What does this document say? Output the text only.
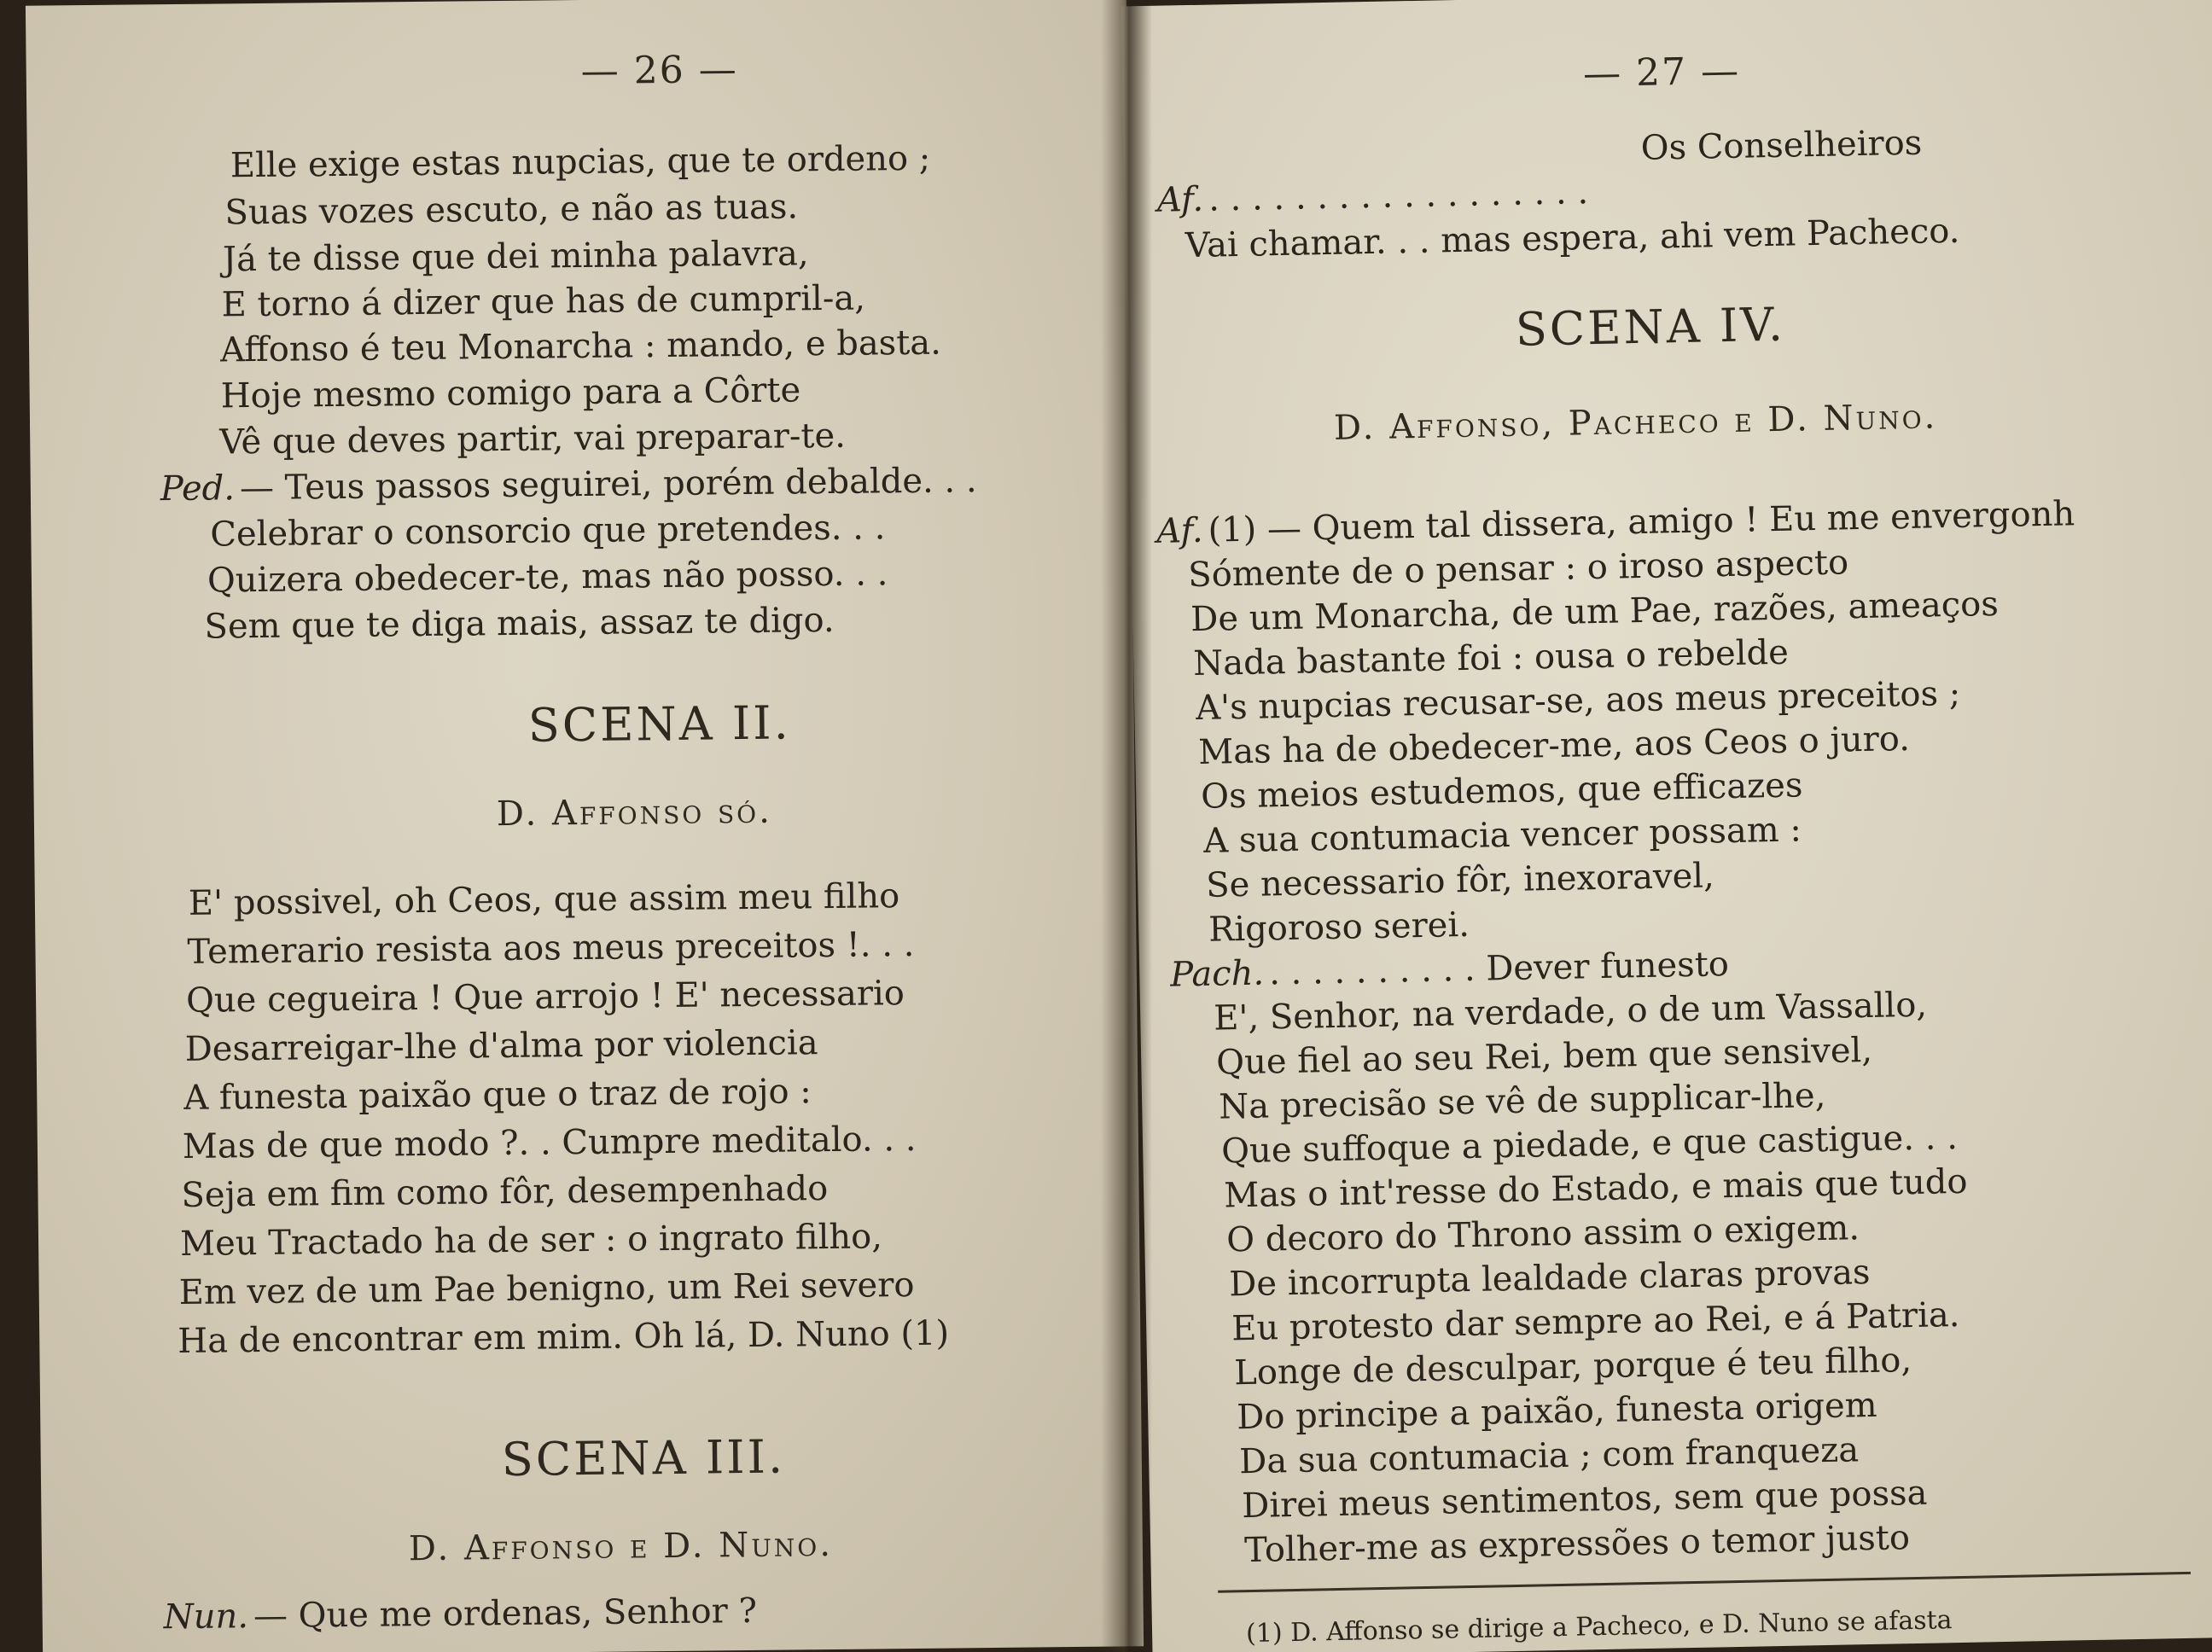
— 26 —
Elle exige estas nupcias, que te ordeno ;
Suas vozes escuto, e não as tuas.
Já te disse que dei minha palavra,
E torno á dizer que has de cumpril-a,
Affonso é teu Monarcha : mando, e basta.
Hoje mesmo comigo para a Côrte
Vê que deves partir, vai preparar-te.
Ped. — Teus passos seguirei, porém debalde. . .
Celebrar o consorcio que pretendes. . .
Quizera obedecer-te, mas não posso. . .
Sem que te diga mais, assaz te digo.
SCENA II.
D. Affonso só.
E' possivel, oh Ceos, que assim meu filho
Temerario resista aos meus preceitos !. . .
Que cegueira ! Que arrojo ! E' necessario
Desarreigar-lhe d'alma por violencia
A funesta paixão que o traz de rojo :
Mas de que modo ?. . Cumpre meditalo. . .
Seja em fim como fôr, desempenhado
Meu Tractado ha de ser : o ingrato filho,
Em vez de um Pae benigno, um Rei severo
Ha de encontrar em mim. Oh lá, D. Nuno (1)
SCENA III.
D. Affonso e D. Nuno.
Nun. — Que me ordenas, Senhor ?
— 27 —
Os Conselheiros
Af. . . . . . . . . . . . . . . . . . .
Vai chamar. . . mas espera, ahi vem Pacheco.
SCENA IV.
D. Affonso, Pacheco e D. Nuno.
Af. (1) — Quem tal dissera, amigo ! Eu me envergonh
Sómente de o pensar : o iroso aspecto
De um Monarcha, de um Pae, razões, ameaços
Nada bastante foi : ousa o rebelde
A's nupcias recusar-se, aos meus preceitos ;
Mas ha de obedecer-me, aos Ceos o juro.
Os meios estudemos, que efficazes
A sua contumacia vencer possam :
Se necessario fôr, inexoravel,
Rigoroso serei.
Pach. . . . . . . . . . . Dever funesto
E', Senhor, na verdade, o de um Vassallo,
Que fiel ao seu Rei, bem que sensivel,
Na precisão se vê de supplicar-lhe,
Que suffoque a piedade, e que castigue. . .
Mas o int'resse do Estado, e mais que tudo
O decoro do Throno assim o exigem.
De incorrupta lealdade claras provas
Eu protesto dar sempre ao Rei, e á Patria.
Longe de desculpar, porque é teu filho,
Do principe a paixão, funesta origem
Da sua contumacia ; com franqueza
Direi meus sentimentos, sem que possa
Tolher-me as expressões o temor justo
(1) D. Affonso se dirige a Pacheco, e D. Nuno se afasta
